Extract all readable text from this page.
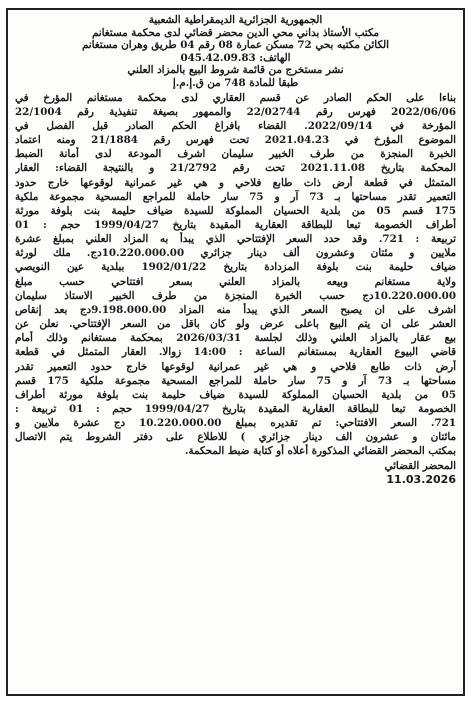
الجمهورية الجزائرية الديمقراطية الشعبية
مكتب الأستاذ بداني محي الدين محضر قضائي لدى محكمة مستغانم
الكائن مكتبه بحي 72 مسكن عمارة 08 رقم 04 طريق وهران مستغانم
الهاتف: 045.42.09.83
نشر مستخرج من قائمة شروط البيع بالمزاد العلني
طبقا للمادة 748 من ق.إ.م.إ
بناءا على الحكم الصادر عن قسم العقاري لدى محكمة مستغانم المؤرخ في
2022/06/06 فهرس رقم 22/02744 والممهور بصيغة تنفيذية رقم 22/1004
المؤرخة في 2022/09/14. القضاء بافراغ الحكم الصادر قبل الفصل في
الموضوع المؤرخ في 2021.04.23 تحت فهرس رقم 21/1884 ومنه اعتماد
الخبرة المنجزة من طرف الخبير سليمان اشرف المودعة لدى أمانة الضبط
المحكمة بتاريخ 2021.11.08 تحت رقم 21/2792 و بالنتيجة القضاء: العقار
المتمثل في قطعة أرض ذات طابع فلاحي و هي غير عمرانية لوقوعها خارج حدود
التعمير تقدر مساحتها بـ 73 آر و 75 سار حاملة للمراجع المسحية مجموعة ملكية
175 قسم 05 من بلدية الحسيان المملوكة للسيدة ضياف حليمة بنت بلوفة مورثة
أطراف الخصومة تبعا للبطاقة العقارية المقيدة بتاريخ 1999/04/27 حجم : 01
تربيعة : 721. وقد حدد السعر الإفتتاحي الذي يبدأ به المزاد العلني بمبلغ عشرة
ملايين و مئتان وعشرون ألف دينار جزائري 10.220.000.00دج. ملك لورثة
ضياف حليمة بنت بلوفة المزدادة بتاريخ 1902/01/22 ببلدية عين النويصي
ولاية مستغانم وبيعه بالمزاد العلني بسعر افتتاحي حسب مبلغ
10.220.000.00دج حسب الخبرة المنجزة من طرف الخبير الاستاذ سليمان
اشرف على ان يصبح السعر الذي يبدأ منه المزاد 9.198.000.00دج بعد إنقاص
العشر على ان يتم البيع باعلى عرض ولو كان باقل من السعر الإفتتاحي. نعلن عن
بيع عقار بالمزاد العلني وذلك لجلسة 2026/03/31 بمحكمة مستغانم وذلك أمام
قاضي البيوع العقارية بمستغانم الساعة : 14:00 زوالا. العقار المتمثل في قطعة
أرض ذات طابع فلاحي و هي غير عمرانية لوقوعها خارج حدود التعمير تقدر
مساحتها بـ 73 آر و 75 سار حاملة للمراجع المسحية مجموعة ملكية 175 قسم
05 من بلدية الحسيان المملوكة للسيدة ضياف حليمة بنت بلوفة مورثة أطراف
الخصومة تبعا للبطاقة العقارية المقيدة بتاريخ 1999/04/27 حجم : 01 تربيعة :
721. السعر الافتتاحي: تم تقديره بمبلغ 10.220.000.00 دج عشرة ملايين و
مائتان و عشرون الف دينار جزائري ) للاطلاع على دفتر الشروط يتم الاتصال
بمكتب المحضر القضائي المذكورة أعلاه أو كتابة ضبط المحكمة.
المحضر القضائي
11.03.2026
